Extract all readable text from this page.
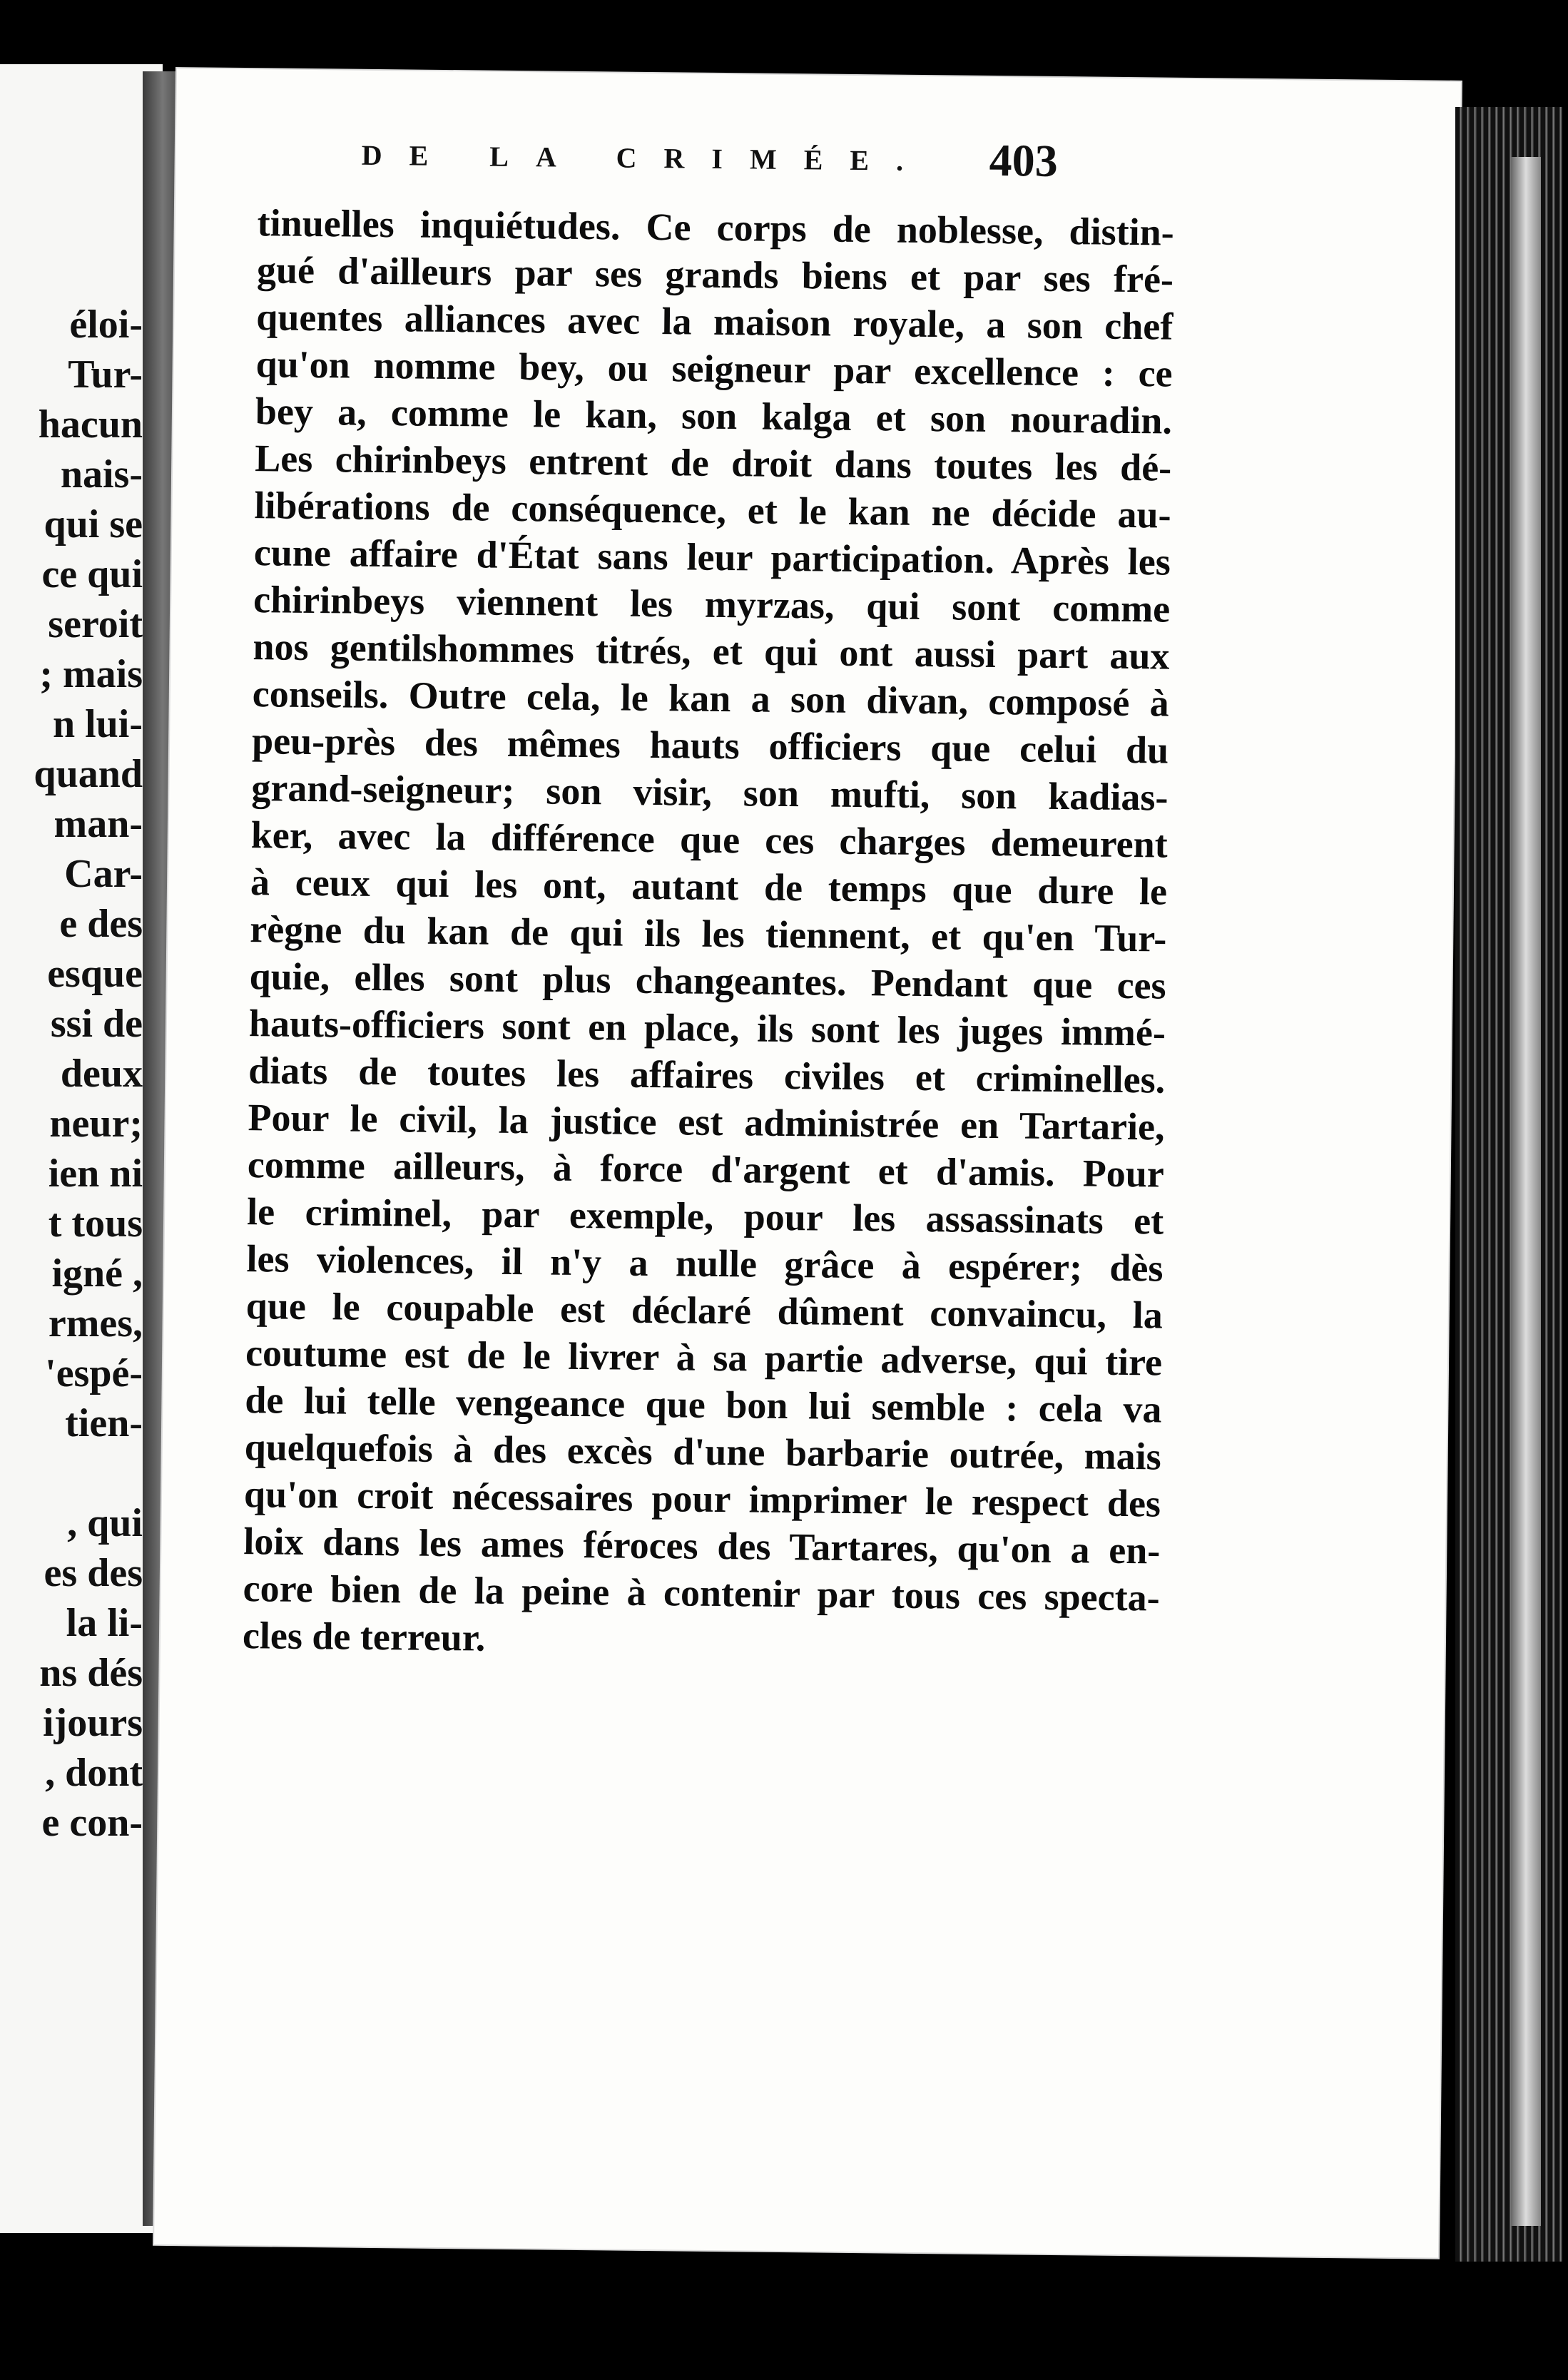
éloi-
Tur-
hacun
nais-
qui se
ce qui
seroit
; mais
n lui-
quand
man-
Car-
e des
esque
ssi de
deux
neur;
ien ni
t tous
igné ,
rmes,
'espé-
tien-

, qui
es des
la li-
ns dés
ijours
, dont
e con-
DE LA CRIMÉE. 403
tinuelles inquiétudes. Ce corps de noblesse, distin-
gué d'ailleurs par ses grands biens et par ses fré-
quentes alliances avec la maison royale, a son chef
qu'on nomme bey, ou seigneur par excellence : ce
bey a, comme le kan, son kalga et son nouradin.
Les chirinbeys entrent de droit dans toutes les dé-
libérations de conséquence, et le kan ne décide au-
cune affaire d'État sans leur participation. Après les
chirinbeys viennent les myrzas, qui sont comme
nos gentilshommes titrés, et qui ont aussi part aux
conseils. Outre cela, le kan a son divan, composé à
peu-près des mêmes hauts officiers que celui du
grand-seigneur; son visir, son mufti, son kadias-
ker, avec la différence que ces charges demeurent
à ceux qui les ont, autant de temps que dure le
règne du kan de qui ils les tiennent, et qu'en Tur-
quie, elles sont plus changeantes. Pendant que ces
hauts-officiers sont en place, ils sont les juges immé-
diats de toutes les affaires civiles et criminelles.
Pour le civil, la justice est administrée en Tartarie,
comme ailleurs, à force d'argent et d'amis. Pour
le criminel, par exemple, pour les assassinats et
les violences, il n'y a nulle grâce à espérer; dès
que le coupable est déclaré dûment convaincu, la
coutume est de le livrer à sa partie adverse, qui tire
de lui telle vengeance que bon lui semble : cela va
quelquefois à des excès d'une barbarie outrée, mais
qu'on croit nécessaires pour imprimer le respect des
loix dans les ames féroces des Tartares, qu'on a en-
core bien de la peine à contenir par tous ces specta-
cles de terreur.
